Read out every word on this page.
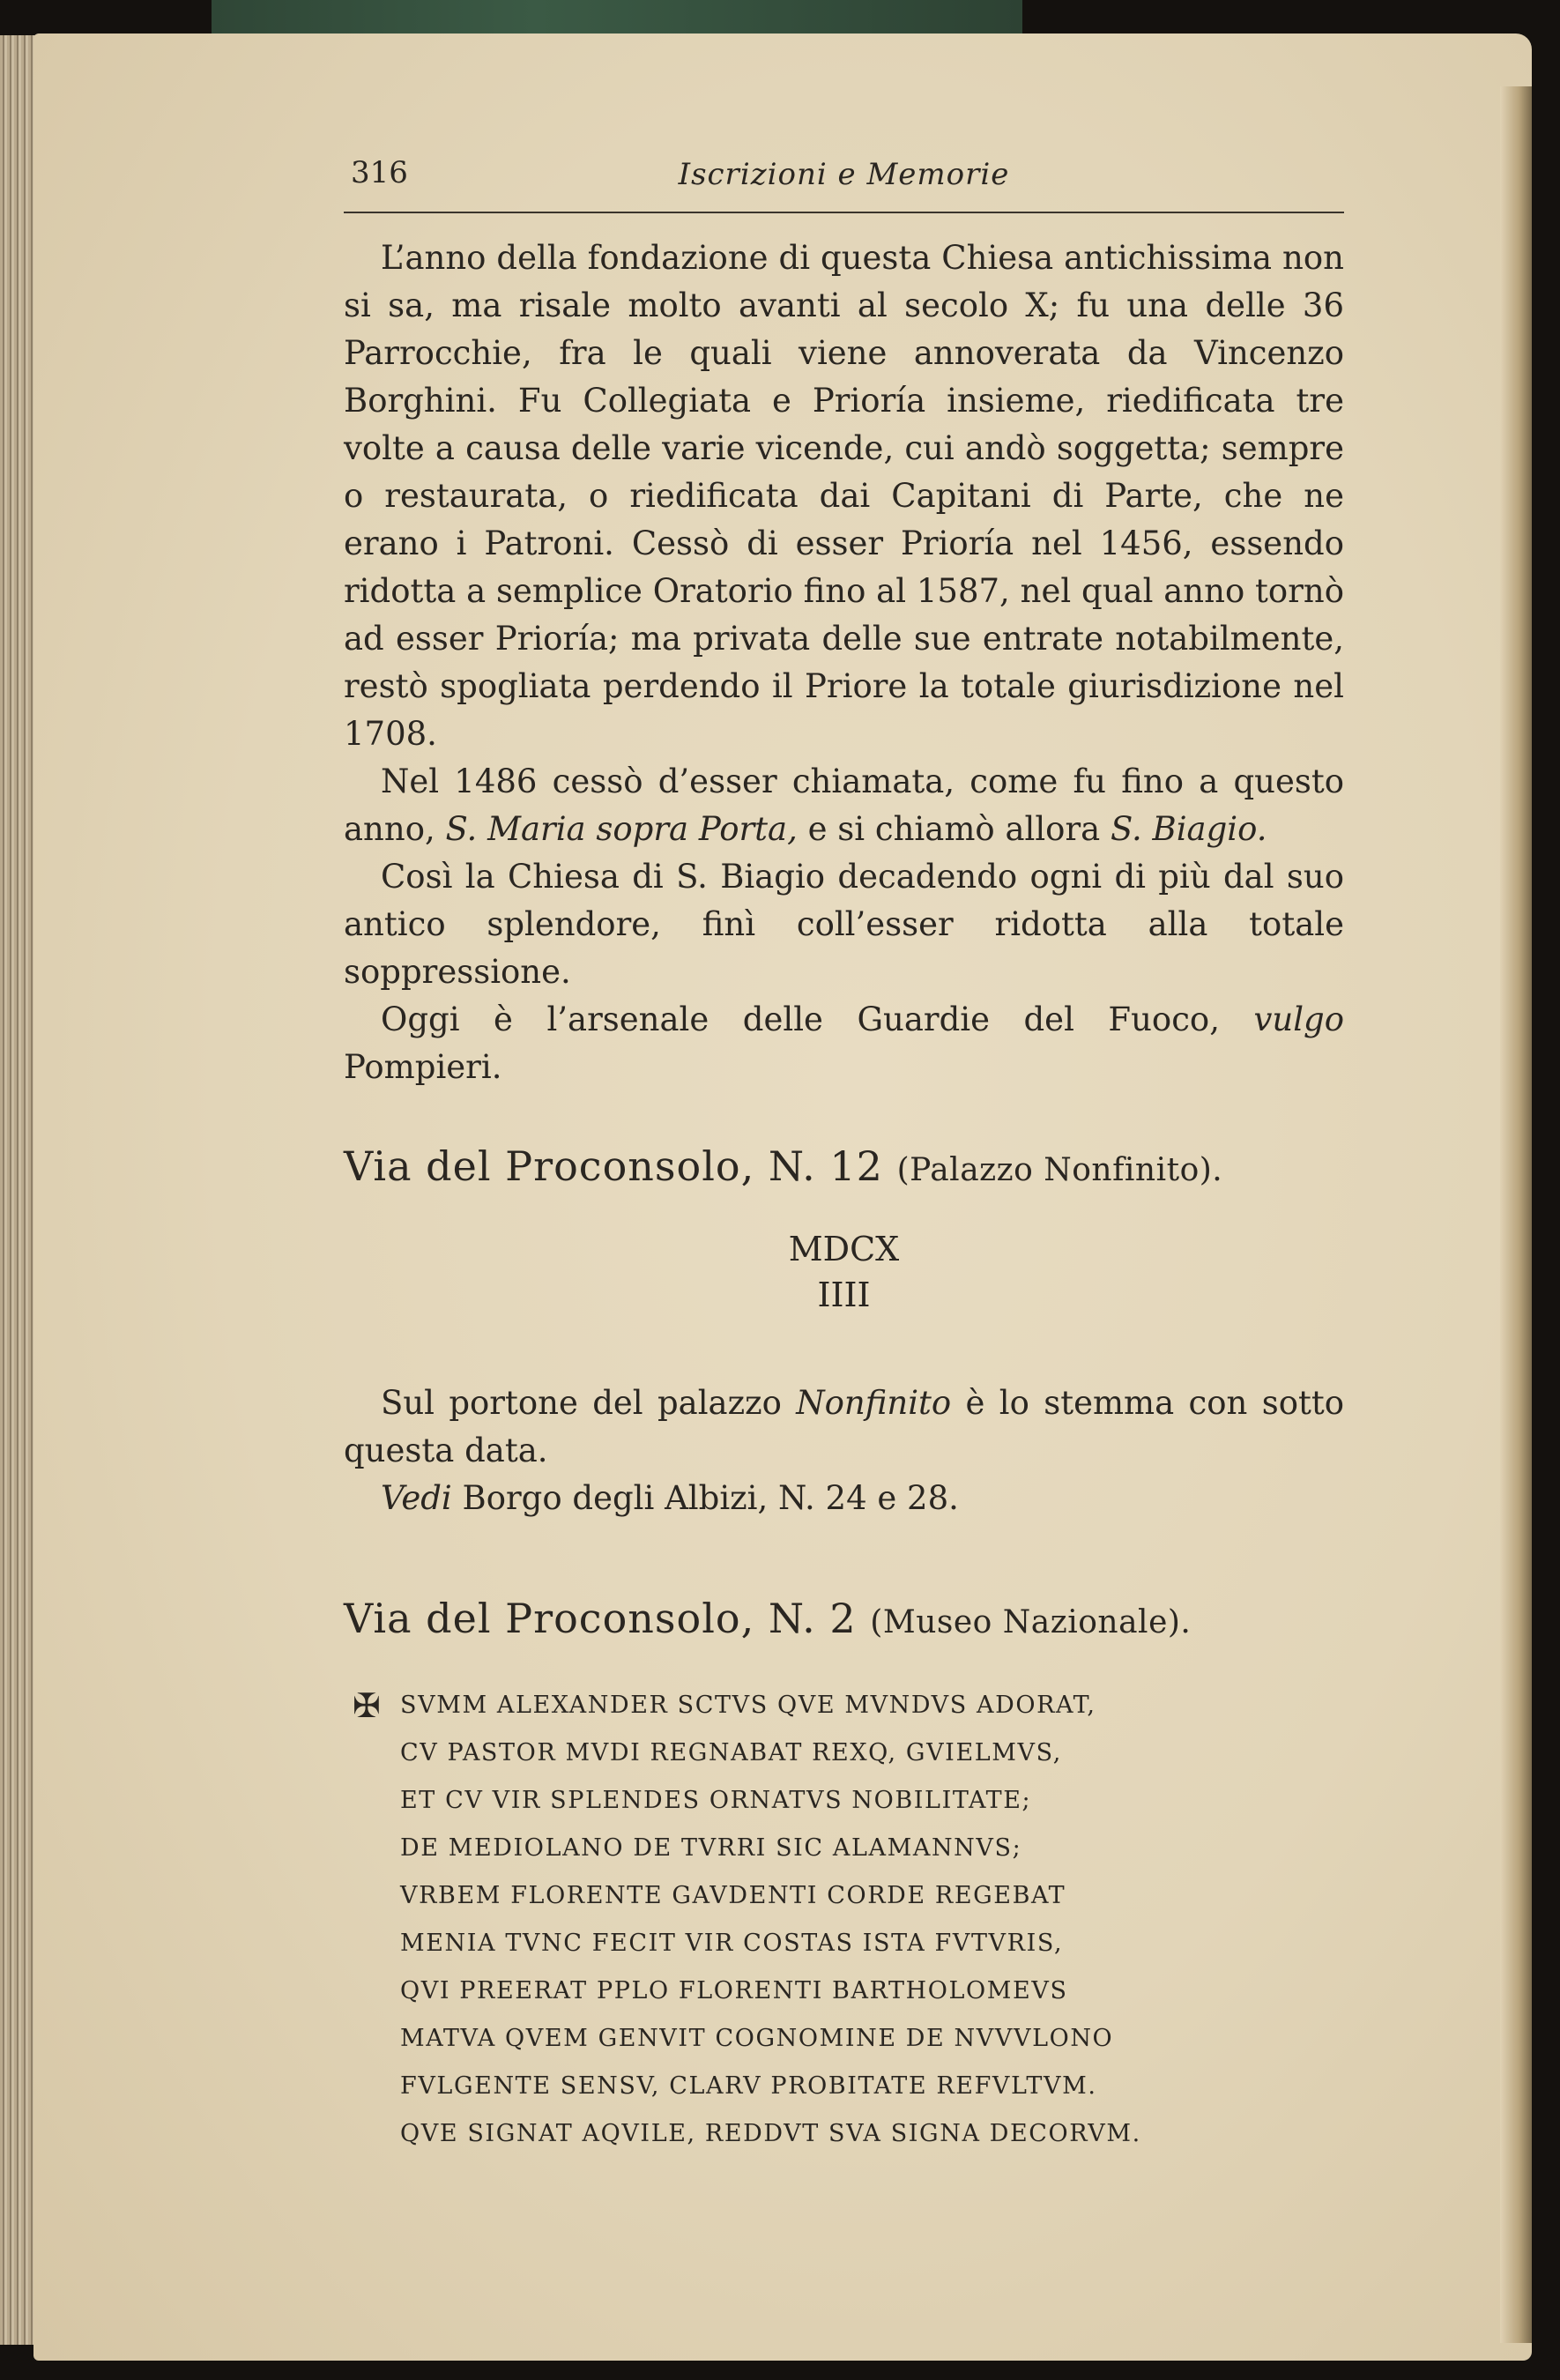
316	Iscrizioni e Memorie

L’anno della fondazione di questa Chiesa antichissima non si sa, ma risale molto avanti al secolo X; fu una delle 36 Parrocchie, fra le quali viene annoverata da Vincenzo Borghini. Fu Collegiata e Prioría insieme, riedificata tre volte a causa delle varie vicende, cui andò soggetta; sempre o restaurata, o riedificata dai Capitani di Parte, che ne erano i Patroni. Cessò di esser Prioría nel 1456, essendo ridotta a semplice Oratorio fino al 1587, nel qual anno tornò ad esser Prioría; ma privata delle sue entrate notabilmente, restò spogliata perdendo il Priore la totale giurisdizione nel 1708.

Nel 1486 cessò d’esser chiamata, come fu fino a questo anno, S. Maria sopra Porta, e si chiamò allora S. Biagio.

Così la Chiesa di S. Biagio decadendo ogni di più dal suo antico splendore, finì coll’esser ridotta alla totale soppressione.

Oggi è l’arsenale delle Guardie del Fuoco, vulgo Pompieri.

Via del Proconsolo, N. 12 (Palazzo Nonfinito).
MDCX
IIII

Sul portone del palazzo Nonfinito è lo stemma con sotto questa data.

Vedi Borgo degli Albizi, N. 24 e 28.

Via del Proconsolo, N. 2 (Museo Nazionale).
✠ SVMM ALEXANDER SCTVS QVE MVNDVS ADORAT,
CV PASTOR MVDI REGNABAT REXQ, GVIELMVS,
ET CV VIR SPLENDES ORNATVS NOBILITATE;
DE MEDIOLANO DE TVRRI SIC ALAMANNVS;
VRBEM FLORENTE GAVDENTI CORDE REGEBAT
MENIA TVNC FECIT VIR COSTAS ISTA FVTVRIS,
QVI PREERAT PPLO FLORENTI BARTHOLOMEVS
MATVA QVEM GENVIT COGNOMINE DE NVVVLONO
FVLGENTE SENSV, CLARV PROBITATE REFVLTVM.
QVE SIGNAT AQVILE, REDDVT SVA SIGNA DECORVM.
